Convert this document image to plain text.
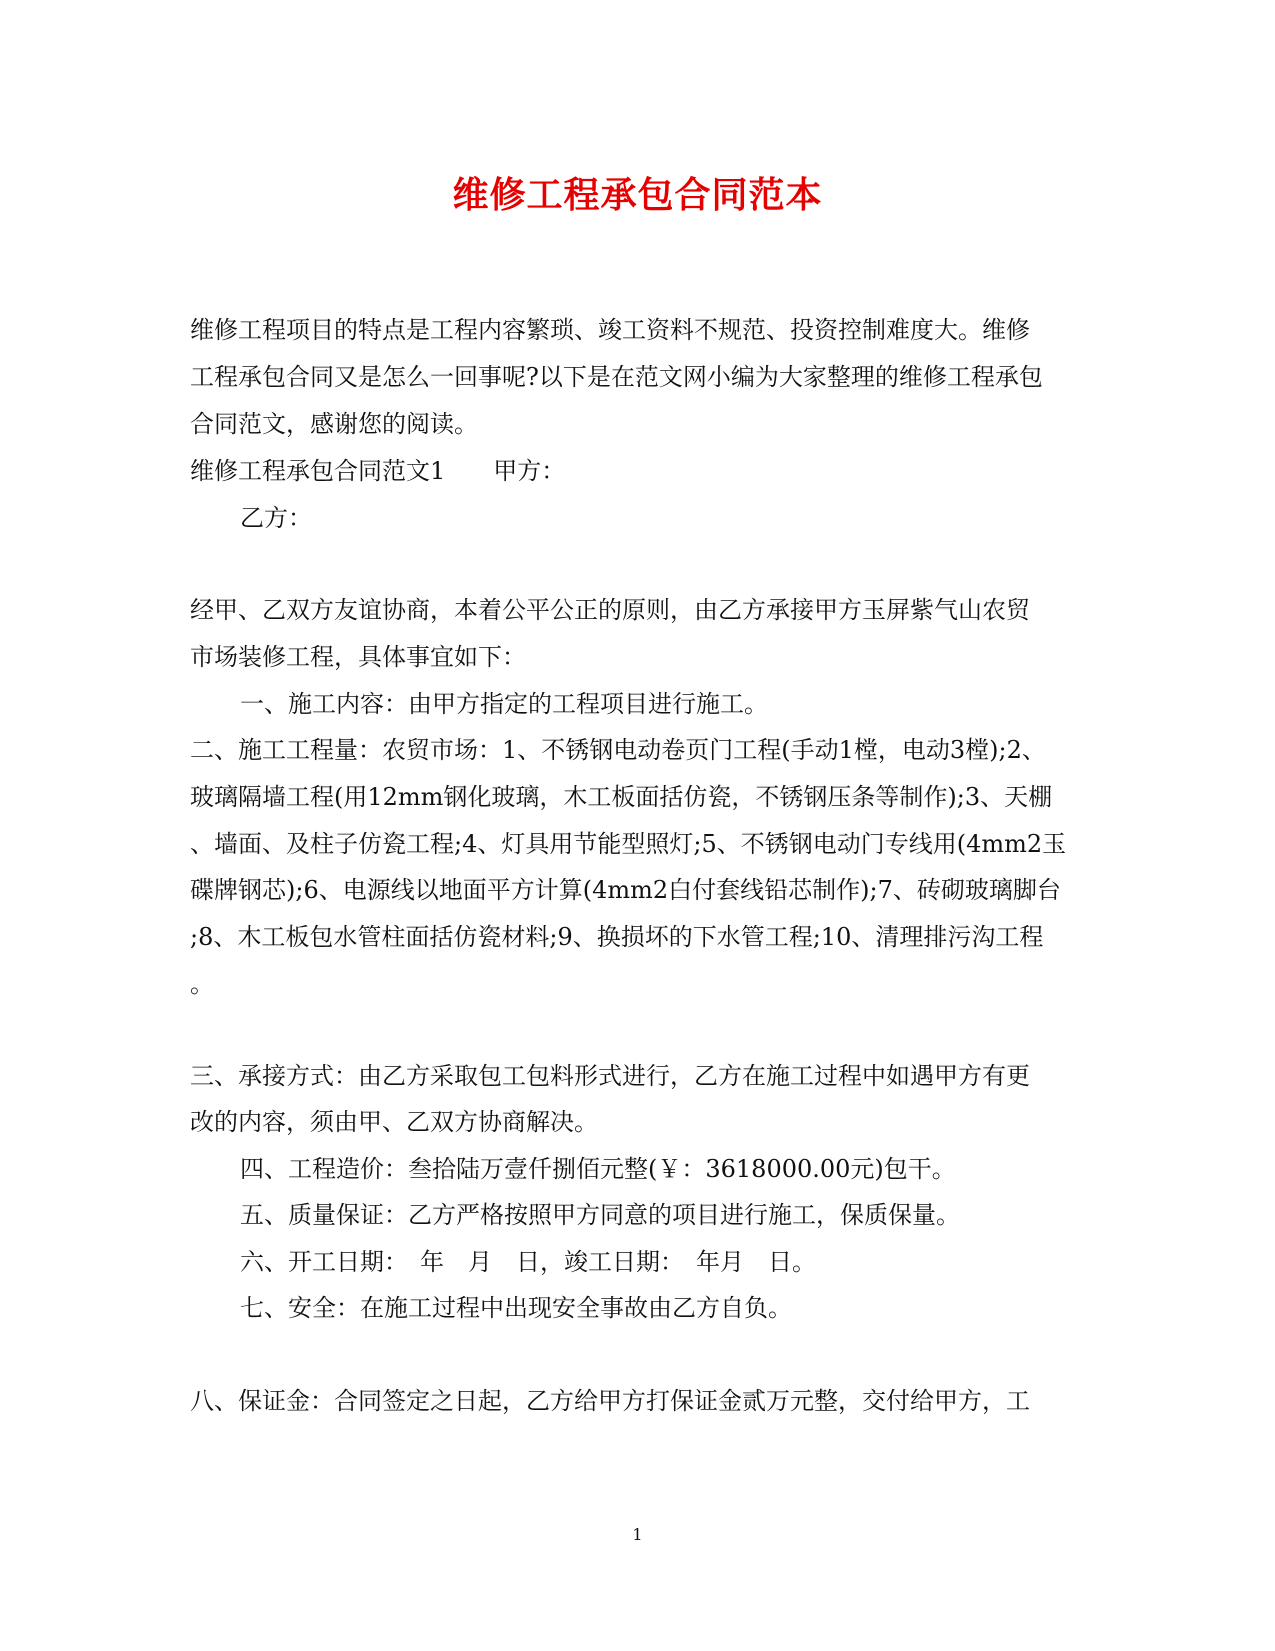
维修工程承包合同范本
维修工程项目的特点是工程内容繁琐、竣工资料不规范、投资控制难度大。维修
工程承包合同又是怎么一回事呢?以下是在范文网小编为大家整理的维修工程承包
合同范文，感谢您的阅读。
维修工程承包合同范文1　　甲方：
乙方：
经甲、乙双方友谊协商，本着公平公正的原则，由乙方承接甲方玉屏紫气山农贸
市场装修工程，具体事宜如下：
一、施工内容：由甲方指定的工程项目进行施工。
二、施工工程量：农贸市场：1、不锈钢电动卷页门工程(手动1樘，电动3樘);2、
玻璃隔墙工程(用12mm钢化玻璃，木工板面括仿瓷，不锈钢压条等制作);3、天棚
、墙面、及柱子仿瓷工程;4、灯具用节能型照灯;5、不锈钢电动门专线用(4mm2玉
碟牌钢芯);6、电源线以地面平方计算(4mm2白付套线铅芯制作);7、砖砌玻璃脚台
;8、木工板包水管柱面括仿瓷材料;9、换损坏的下水管工程;10、清理排污沟工程
。
三、承接方式：由乙方采取包工包料形式进行，乙方在施工过程中如遇甲方有更
改的内容，须由甲、乙双方协商解决。
四、工程造价：叁拾陆万壹仟捌佰元整(￥：3618000.00元)包干。
五、质量保证：乙方严格按照甲方同意的项目进行施工，保质保量。
六、开工日期：　年　月　日，竣工日期：　年月　日。
七、安全：在施工过程中出现安全事故由乙方自负。
八、保证金：合同签定之日起，乙方给甲方打保证金贰万元整，交付给甲方，工
1
